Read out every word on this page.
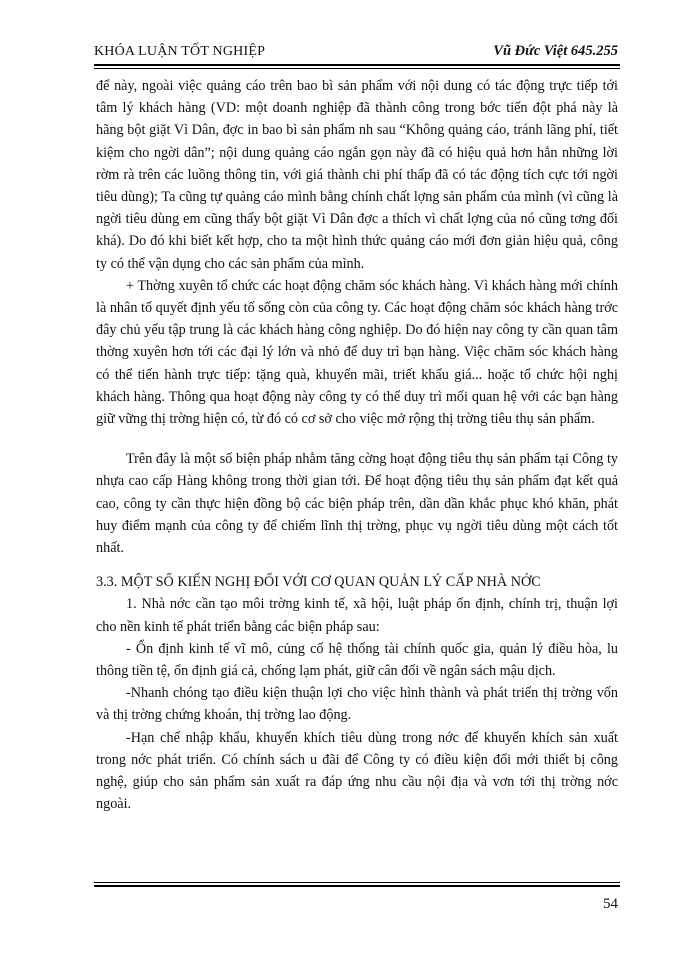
KHÓA LUẬN TỐT NGHIỆP	Vũ Đức Việt 645.255

để này, ngoài việc quảng cáo trên bao bì sản phẩm với nội dung có tác động trực tiếp tới tâm lý khách hàng (VD: một doanh nghiệp đã thành công trong bớc tiến đột phá này là hãng bột giặt Vì Dân, đợc in bao bì sản phẩm nh sau “Không quảng cáo, tránh lãng phí, tiết kiệm cho ngời dân”; nội dung quảng cáo ngắn gọn này đã có hiệu quả hơn hẳn những lời rờm rà trên các luồng thông tin, với giá thành chi phí thấp đã có tác động tích cực tới ngời tiêu dùng); Ta cũng tự quảng cáo mình bằng chính chất lợng sản phẩm của mình (vì cũng là ngời tiêu dùng em cũng thấy bột giặt Vì Dân đợc a thích vì chất lợng của nó cũng tơng đối khá). Do đó khi biết kết hợp, cho ta một hình thức quảng cáo mới đơn giản hiệu quả, công ty có thể vận dụng cho các sản phẩm của mình.

+ Thờng xuyên tổ chức các hoạt động chăm sóc khách hàng. Vì khách hàng mới chính là nhân tố quyết định yếu tố sống còn của công ty. Các hoạt động chăm sóc khách hàng trớc đây chủ yếu tập trung là các khách hàng công nghiệp. Do đó hiện nay công ty cần quan tâm thờng xuyên hơn tới các đại lý lớn và nhỏ để duy trì bạn hàng. Việc chăm sóc khách hàng có thể tiến hành trực tiếp: tặng quà, khuyến mãi, triết khấu giá... hoặc tổ chức hội nghị khách hàng. Thông qua hoạt động này công ty có thể duy trì mối quan hệ với các bạn hàng giữ vững thị trờng hiện có, từ đó có cơ sở cho việc mở rộng thị trờng tiêu thụ sản phẩm.

Trên đây là một số biện pháp nhằm tăng cờng hoạt động tiêu thụ sản phẩm tại Công ty nhựa cao cấp Hàng không trong thời gian tới. Để hoạt động tiêu thụ sản phẩm đạt kết quả cao, công ty cần thực hiện đồng bộ các biện pháp trên, dần dần khắc phục khó khăn, phát huy điểm mạnh của công ty để chiếm lĩnh thị trờng, phục vụ ngời tiêu dùng một cách tốt nhất.

3.3. MỘT SỐ KIẾN NGHỊ ĐỐI VỚI CƠ QUAN QUẢN LÝ CẤP NHÀ NỚC

1. Nhà nớc cần tạo môi trờng kinh tế, xã hội, luật pháp ổn định, chính trị, thuận lợi cho nền kinh tế phát triển bằng các biện pháp sau:

- Ổn định kinh tế vĩ mô, củng cố hệ thống tài chính quốc gia, quản lý điều hòa, lu thông tiền tệ, ổn định giá cả, chống lạm phát, giữ cân đối về ngân sách mậu dịch.

-Nhanh chóng tạo điều kiện thuận lợi cho việc hình thành và phát triển thị trờng vốn và thị trờng chứng khoán, thị trờng lao động.

-Hạn chế nhập khẩu, khuyến khích tiêu dùng trong nớc để khuyến khích sản xuất trong nớc phát triển. Có chính sách u đãi để Công ty có điều kiện đổi mới thiết bị công nghệ, giúp cho sản phẩm sản xuất ra đáp ứng nhu cầu nội địa và vơn tới thị trờng nớc ngoài.

54
